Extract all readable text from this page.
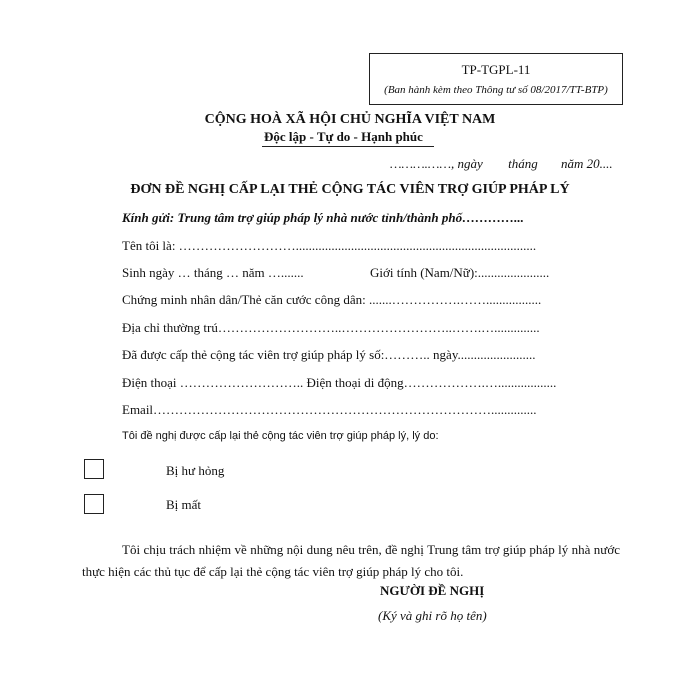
TP-TGPL-11
(Ban hành kèm theo Thông tư số 08/2017/TT-BTP)
CỘNG HOÀ XÃ HỘI CHỦ NGHĨA VIỆT NAM
Độc lập - Tự do - Hạnh phúc
……….……, ngày tháng năm 20....
ĐƠN ĐỀ NGHỊ CẤP LẠI THẺ CỘNG TÁC VIÊN TRỢ GIÚP PHÁP LÝ
Kính gửi: Trung tâm trợ giúp pháp lý nhà nước tỉnh/thành phố…………...
Tên tôi là: ………………………..........................................................................
Sinh ngày … tháng … năm ….......	Giới tính (Nam/Nữ):......................
Chứng minh nhân dân/Thẻ căn cước công dân: .......…………….…….................
Địa chỉ thường trú………………………..……………………..…….…..............
Đã được cấp thẻ cộng tác viên trợ giúp pháp lý số:……….. ngày........................
Điện thoại ……………………….. Điện thoại di động……………….…..................
Email……………………………………………………………………..............
Tôi đề nghị được cấp lại thẻ cộng tác viên trợ giúp pháp lý, lý do:
Bị hư hỏng
Bị mất
Tôi chịu trách nhiệm về những nội dung nêu trên, đề nghị Trung tâm trợ giúp pháp lý nhà nước thực hiện các thủ tục để cấp lại thẻ cộng tác viên trợ giúp pháp lý cho tôi.
NGƯỜI ĐỀ NGHỊ
(Ký và ghi rõ họ tên)
